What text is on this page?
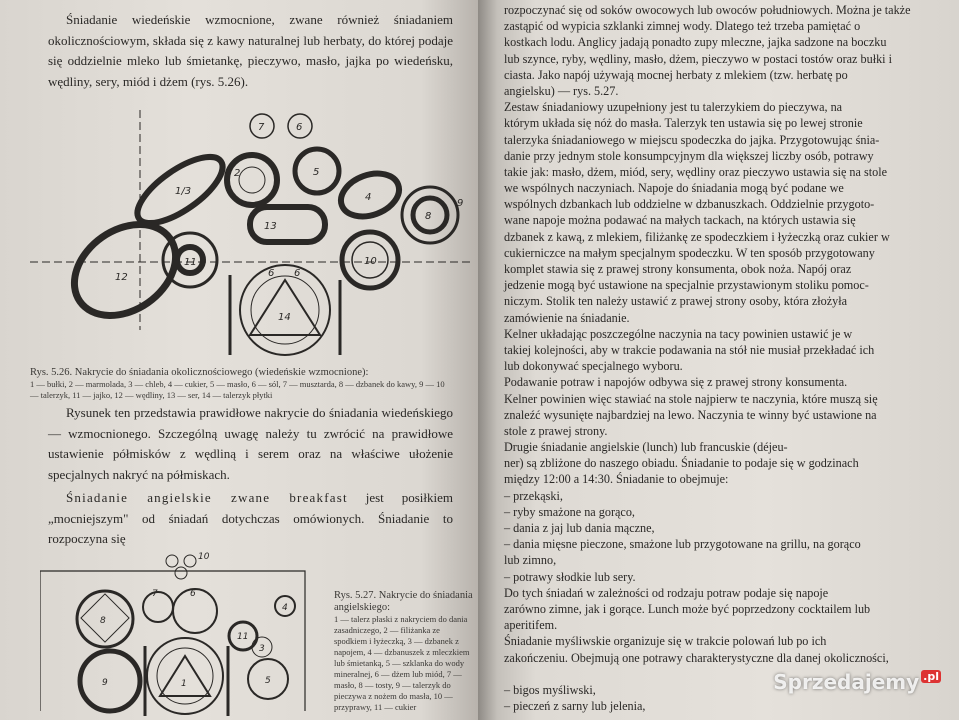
Śniadanie wiedeńskie wzmocnione, zwane również śniadaniem okolicznościowym, składa się z kawy naturalnej lub herbaty, do której podaje się oddzielnie mleko lub śmietankę, pieczywo, masło, jajka po wiedeńsku, wędliny, sery, miód i dżem (rys. 5.26).
7	6
2	5
1/3
4
8
9
13
12
11	10
6 6
14
Rys. 5.26. Nakrycie do śniadania okolicznościowego (wiedeńskie wzmocnione):
1 — bułki, 2 — marmolada, 3 — chleb, 4 — cukier, 5 — masło, 6 — sól, 7 — musztarda, 8 — dzbanek do kawy, 9 — 10 — talerzyk, 11 — jajko, 12 — wędliny, 13 — ser, 14 — talerzyk płytki
Rysunek ten przedstawia prawidłowe nakrycie do śniadania wiedeńskiego — wzmocnionego. Szczególną uwagę należy tu zwrócić na prawidłowe ustawienie półmisków z wędliną i serem oraz na właściwe ułożenie specjalnych nakryć na półmiskach.
Śniadanie angielskie zwane breakfast jest posiłkiem „mocniejszym" od śniadań dotychczas omówionych. Śniadanie to rozpoczyna się
10
8
7	6
4
11
3
9	1	5
Rys. 5.27. Nakrycie do śniadania angielskiego:
1 — talerz płaski z nakryciem do dania zasadniczego, 2 — filiżanka ze spodkiem i łyżeczką, 3 — dzbanek z napojem, 4 — dzbanuszek z mleczkiem lub śmietanką, 5 — szklanka do wody mineralnej, 6 — dżem lub miód, 7 — masło, 8 — tosty, 9 — talerzyk do pieczywa z nożem do masła, 10 — przyprawy, 11 — cukier
rozpoczynać się od soków owocowych lub owoców południowych. Można je także
zastąpić od wypicia szklanki zimnej wody. Dlatego też trzeba pamiętać o
kostkach lodu. Anglicy jadają ponadto zupy mleczne, jajka sadzone na boczku
lub szynce, ryby, wędliny, masło, dżem, pieczywo w postaci tostów oraz bułki i
ciasta. Jako napój używają mocnej herbaty z mlekiem (tzw. herbatę po
angielsku) — rys. 5.27.
Zestaw śniadaniowy uzupełniony jest tu talerzykiem do pieczywa, na
którym układa się nóż do masła. Talerzyk ten ustawia się po lewej stronie
talerzyka śniadaniowego w miejscu spodeczka do jajka. Przygotowując śnia-
danie przy jednym stole konsumpcyjnym dla większej liczby osób, potrawy
takie jak: masło, dżem, miód, sery, wędliny oraz pieczywo ustawia się na stole
we wspólnych naczyniach. Napoje do śniadania mogą być podane we
wspólnych dzbankach lub oddzielne w dzbanuszkach. Oddzielnie przygoto-
wane napoje można podawać na małych tackach, na których ustawia się
dzbanek z kawą, z mlekiem, filiżankę ze spodeczkiem i łyżeczką oraz cukier w
cukierniczce na małym specjalnym spodeczku. W ten sposób przygotowany
komplet stawia się z prawej strony konsumenta, obok noża. Napój oraz
jedzenie mogą być ustawione na specjalnie przystawionym stoliku pomoc-
niczym. Stolik ten należy ustawić z prawej strony osoby, która złożyła
zamówienie na śniadanie.
Kelner układając poszczególne naczynia na tacy powinien ustawić je w
takiej kolejności, aby w trakcie podawania na stół nie musiał przekładać ich
lub dokonywać specjalnego wyboru.
Podawanie potraw i napojów odbywa się z prawej strony konsumenta.
Kelner powinien więc stawiać na stole najpierw te naczynia, które muszą się
znaleźć wysunięte najbardziej na lewo. Naczynia te winny być ustawione na
stole z prawej strony.
Drugie śniadanie angielskie (lunch) lub francuskie (déjeu-
ner) są zbliżone do naszego obiadu. Śniadanie to podaje się w godzinach
między 12:00 a 14:30. Śniadanie to obejmuje:
– przekąski,
– ryby smażone na gorąco,
– dania z jaj lub dania mączne,
– dania mięsne pieczone, smażone lub przygotowane na grillu, na gorąco
lub zimno,
– potrawy słodkie lub sery.
Do tych śniadań w zależności od rodzaju potraw podaje się napoje
zarówno zimne, jak i gorące. Lunch może być poprzedzony cocktailem lub
aperitifem.
Śniadanie myśliwskie organizuje się w trakcie polowań lub po ich
zakończeniu. Obejmują one potrawy charakterystyczne dla danej okoliczności,
– bigos myśliwski,
– pieczeń z sarny lub jelenia,
Sprzedajemy $^{.pl}$
